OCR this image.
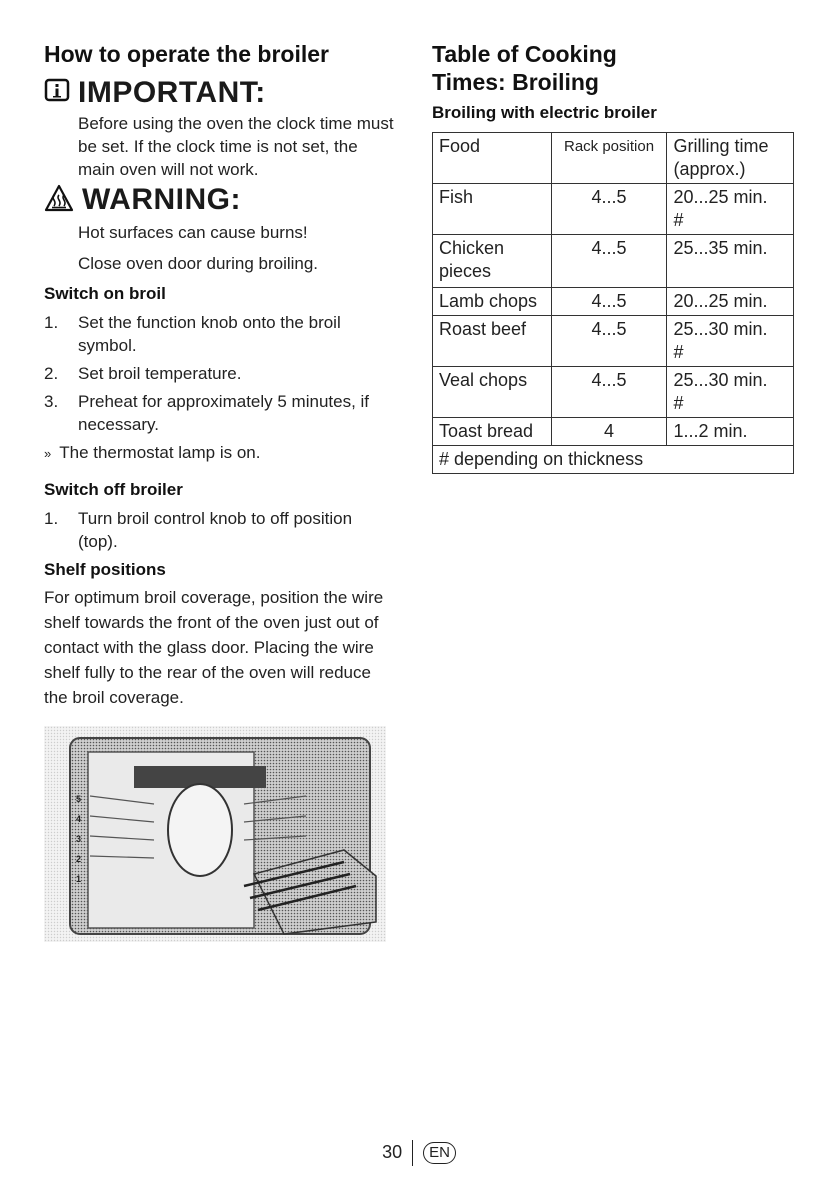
How to operate the broiler
IMPORTANT:

Before using the oven the clock time must be set. If the clock time is not set, the main oven will not work.

WARNING:

Hot surfaces can cause burns!

Close oven door during broiling.

Switch on broil
1. Set the function knob onto the broil symbol.
2. Set broil temperature.
3. Preheat for approximately 5 minutes, if necessary.
» The thermostat lamp is on.
Switch off broiler
1. Turn broil control knob to off position (top).
Shelf positions
For optimum broil coverage, position the wire shelf towards the front of the oven just out of contact with the glass door. Placing the wire shelf fully to the rear of the oven will reduce the broil coverage.
5
4
3
2
1
Table of Cooking
Times: Broiling
Broiling with electric broiler
Food	Rack position	Grilling time (approx.)
Fish	4...5	20...25 min.
#

Chicken pieces	4...5	25...35 min.
Lamb chops	4...5	20...25 min.
Roast beef	4...5	25...30 min.
#

Veal chops	4...5	25...30 min.
#

Toast bread	4	1...2 min.
# depending on thickness		
30 EN
